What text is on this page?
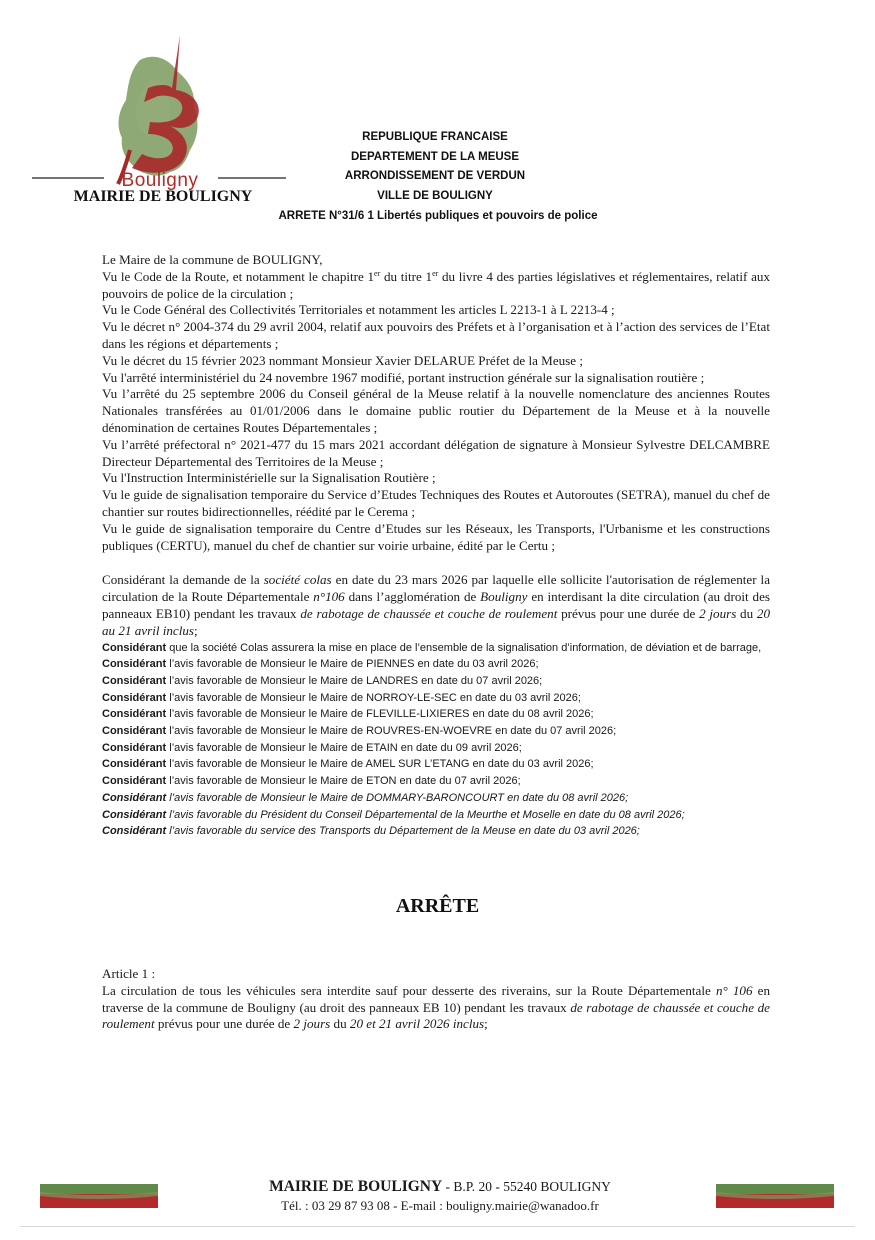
Bouligny
MAIRIE DE BOULIGNY
REPUBLIQUE FRANCAISE
DEPARTEMENT DE LA MEUSE
ARRONDISSEMENT DE VERDUN
VILLE DE BOULIGNY
ARRETE N°31/6 1 Libertés publiques et pouvoirs de police

Le Maire de la commune de BOULIGNY,

Vu le Code de la Route, et notamment le chapitre 1er du titre 1er du livre 4 des parties législatives et réglementaires, relatif aux pouvoirs de police de la circulation ;

Vu le Code Général des Collectivités Territoriales et notamment les articles L 2213-1 à L 2213-4 ;

Vu le décret n° 2004-374 du 29 avril 2004, relatif aux pouvoirs des Préfets et à l’organisation et à l’action des services de l’Etat dans les régions et départements ;

Vu le décret du 15 février 2023 nommant Monsieur Xavier DELARUE Préfet de la Meuse ;

Vu l'arrêté interministériel du 24 novembre 1967 modifié, portant instruction générale sur la signalisation routière ;

Vu l’arrêté du 25 septembre 2006 du Conseil général de la Meuse relatif à la nouvelle nomenclature des anciennes Routes Nationales transférées au 01/01/2006 dans le domaine public routier du Département de la Meuse et à la nouvelle dénomination de certaines Routes Départementales ;

Vu l’arrêté préfectoral n° 2021-477 du 15 mars 2021 accordant délégation de signature à Monsieur Sylvestre DELCAMBRE Directeur Départemental des Territoires de la Meuse ;

Vu l'Instruction Interministérielle sur la Signalisation Routière ;

Vu le guide de signalisation temporaire du Service d’Etudes Techniques des Routes et Autoroutes (SETRA), manuel du chef de chantier sur routes bidirectionnelles, réédité par le Cerema ;

Vu le guide de signalisation temporaire du Centre d’Etudes sur les Réseaux, les Transports, l'Urbanisme et les constructions publiques (CERTU), manuel du chef de chantier sur voirie urbaine, édité par le Certu ;

Considérant la demande de la société colas en date du 23 mars 2026 par laquelle elle sollicite l'autorisation de réglementer la circulation de la Route Départementale n°106 dans l’agglomération de Bouligny en interdisant la dite circulation (au droit des panneaux EB10) pendant les travaux de rabotage de chaussée et couche de roulement prévus pour une durée de 2 jours du 20 au 21 avril inclus;

Considérant que la société Colas assurera la mise en place de l’ensemble de la signalisation d’information, de déviation et de barrage,

Considérant l’avis favorable de Monsieur le Maire de PIENNES en date du 03 avril 2026;

Considérant l’avis favorable de Monsieur le Maire de LANDRES en date du 07 avril 2026;

Considérant l’avis favorable de Monsieur le Maire de NORROY-LE-SEC en date du 03 avril 2026;

Considérant l’avis favorable de Monsieur le Maire de FLEVILLE-LIXIERES en date du 08 avril 2026;

Considérant l’avis favorable de Monsieur le Maire de ROUVRES-EN-WOEVRE en date du 07 avril 2026;

Considérant l’avis favorable de Monsieur le Maire de ETAIN en date du 09 avril 2026;

Considérant l’avis favorable de Monsieur le Maire de AMEL SUR L’ETANG en date du 03 avril 2026;

Considérant l’avis favorable de Monsieur le Maire de ETON en date du 07 avril 2026;

Considérant l’avis favorable de Monsieur le Maire de DOMMARY-BARONCOURT en date du 08 avril 2026;

Considérant l’avis favorable du Président du Conseil Départemental de la Meurthe et Moselle en date du 08 avril 2026;

Considérant l’avis favorable du service des Transports du Département de la Meuse en date du 03 avril 2026;

ARRÊTE

Article 1 :

La circulation de tous les véhicules sera interdite sauf pour desserte des riverains, sur la Route Départementale n° 106 en traverse de la commune de Bouligny (au droit des panneaux EB 10) pendant les travaux de rabotage de chaussée et couche de roulement prévus pour une durée de 2 jours du 20 et 21 avril 2026 inclus;

MAIRIE DE BOULIGNY - B.P. 20 - 55240 BOULIGNY
Tél. : 03 29 87 93 08 - E-mail : bouligny.mairie@wanadoo.fr
